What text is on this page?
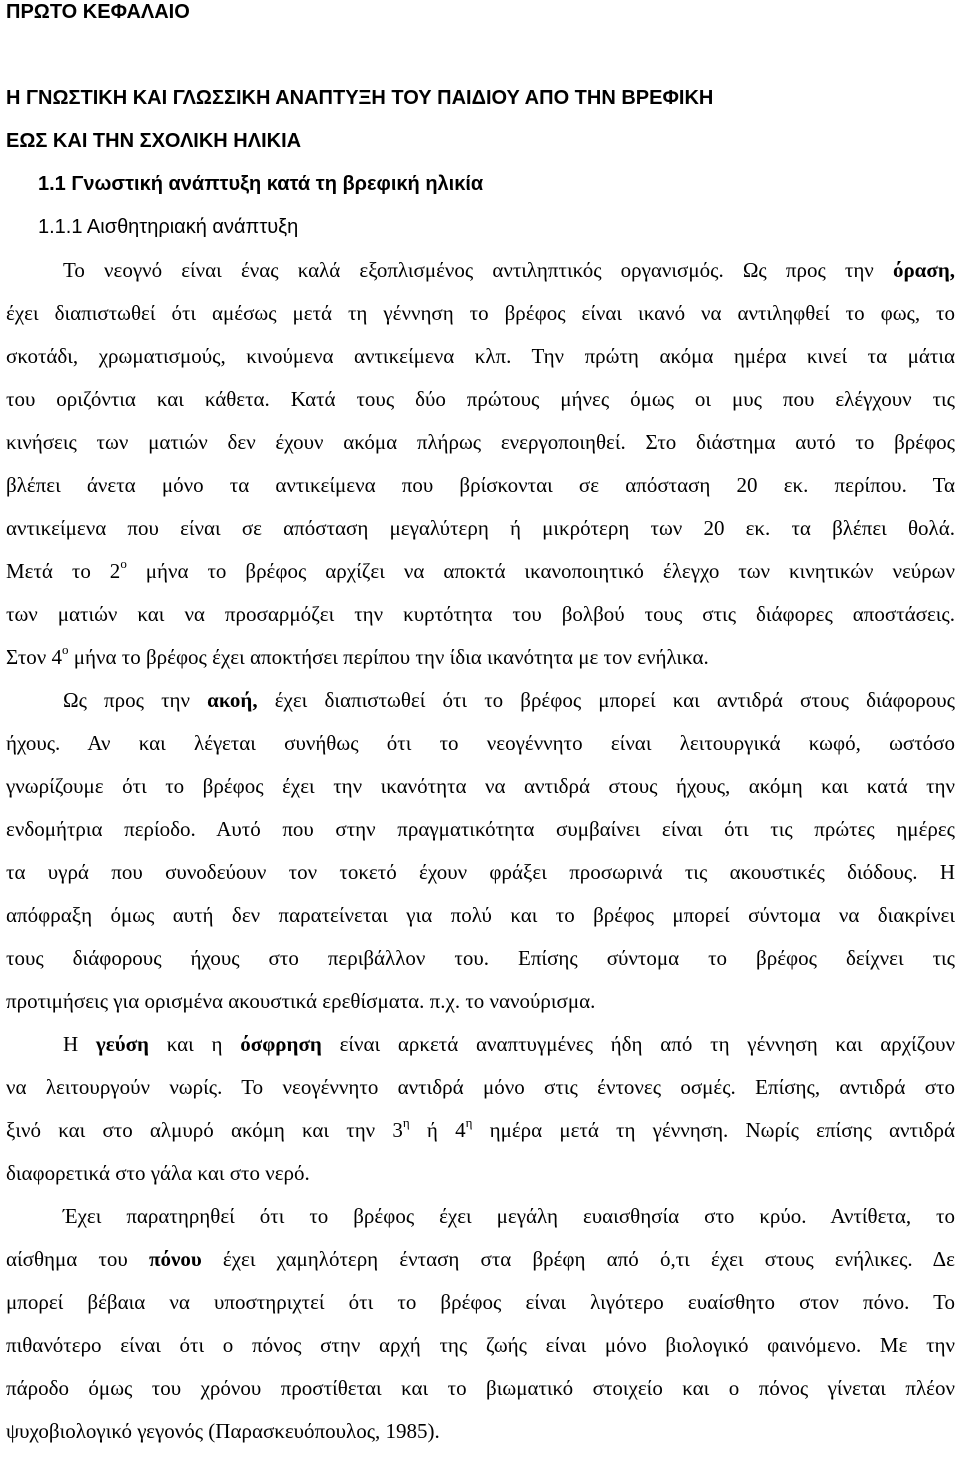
ΠΡΩΤΟ ΚΕΦΑΛΑΙΟ
Η ΓΝΩΣΤΙΚΗ ΚΑΙ ΓΛΩΣΣΙΚΗ ΑΝΑΠΤΥΞΗ ΤΟΥ ΠΑΙΔΙΟΥ ΑΠΟ ΤΗΝ ΒΡΕΦΙΚΗ
ΕΩΣ ΚΑΙ ΤΗΝ ΣΧΟΛΙΚΗ ΗΛΙΚΙΑ
1.1 Γνωστική ανάπτυξη κατά τη βρεφική ηλικία
1.1.1 Αισθητηριακή ανάπτυξη
Το νεογνό είναι ένας καλά εξοπλισμένος αντιληπτικός οργανισμός. Ως προς την όραση,
έχει διαπιστωθεί ότι αμέσως μετά τη γέννηση το βρέφος είναι ικανό να αντιληφθεί το φως, το
σκοτάδι, χρωματισμούς, κινούμενα αντικείμενα κλπ. Την πρώτη ακόμα ημέρα κινεί τα μάτια
του οριζόντια και κάθετα. Κατά τους δύο πρώτους μήνες όμως οι μυς που ελέγχουν τις
κινήσεις των ματιών δεν έχουν ακόμα πλήρως ενεργοποιηθεί. Στο διάστημα αυτό το βρέφος
βλέπει άνετα μόνο τα αντικείμενα που βρίσκονται σε απόσταση 20 εκ. περίπου. Τα
αντικείμενα που είναι σε απόσταση μεγαλύτερη ή μικρότερη των 20 εκ. τα βλέπει θολά.
Μετά το $2^o$ μήνα το βρέφος αρχίζει να αποκτά ικανοποιητικό έλεγχο των κινητικών νεύρων
των ματιών και να προσαρμόζει την κυρτότητα του βολβού τους στις διάφορες αποστάσεις.
Στον $4^o$ μήνα το βρέφος έχει αποκτήσει περίπου την ίδια ικανότητα με τον ενήλικα.
Ως προς την ακοή, έχει διαπιστωθεί ότι το βρέφος μπορεί και αντιδρά στους διάφορους
ήχους. Αν και λέγεται συνήθως ότι το νεογέννητο είναι λειτουργικά κωφό, ωστόσο
γνωρίζουμε ότι το βρέφος έχει την ικανότητα να αντιδρά στους ήχους, ακόμη και κατά την
ενδομήτρια περίοδο. Αυτό που στην πραγματικότητα συμβαίνει είναι ότι τις πρώτες ημέρες
τα υγρά που συνοδεύουν τον τοκετό έχουν φράξει προσωρινά τις ακουστικές διόδους. Η
απόφραξη όμως αυτή δεν παρατείνεται για πολύ και το βρέφος μπορεί σύντομα να διακρίνει
τους διάφορους ήχους στο περιβάλλον του. Επίσης σύντομα το βρέφος δείχνει τις
προτιμήσεις για ορισμένα ακουστικά ερεθίσματα. π.χ. το νανούρισμα.
Η γεύση και η όσφρηση είναι αρκετά αναπτυγμένες ήδη από τη γέννηση και αρχίζουν
να λειτουργούν νωρίς. Το νεογέννητο αντιδρά μόνο στις έντονες οσμές. Επίσης, αντιδρά στο
ξινό και στο αλμυρό ακόμη και την $3^\eta$ ή $4^\eta$ ημέρα μετά τη γέννηση. Νωρίς επίσης αντιδρά
διαφορετικά στο γάλα και στο νερό.
Έχει παρατηρηθεί ότι το βρέφος έχει μεγάλη ευαισθησία στο κρύο. Αντίθετα, το
αίσθημα του πόνου έχει χαμηλότερη ένταση στα βρέφη από ό,τι έχει στους ενήλικες. Δε
μπορεί βέβαια να υποστηριχτεί ότι το βρέφος είναι λιγότερο ευαίσθητο στον πόνο. Το
πιθανότερο είναι ότι ο πόνος στην αρχή της ζωής είναι μόνο βιολογικό φαινόμενο. Με την
πάροδο όμως του χρόνου προστίθεται και το βιωματικό στοιχείο και ο πόνος γίνεται πλέον
ψυχοβιολογικό γεγονός (Παρασκευόπουλος, 1985).
